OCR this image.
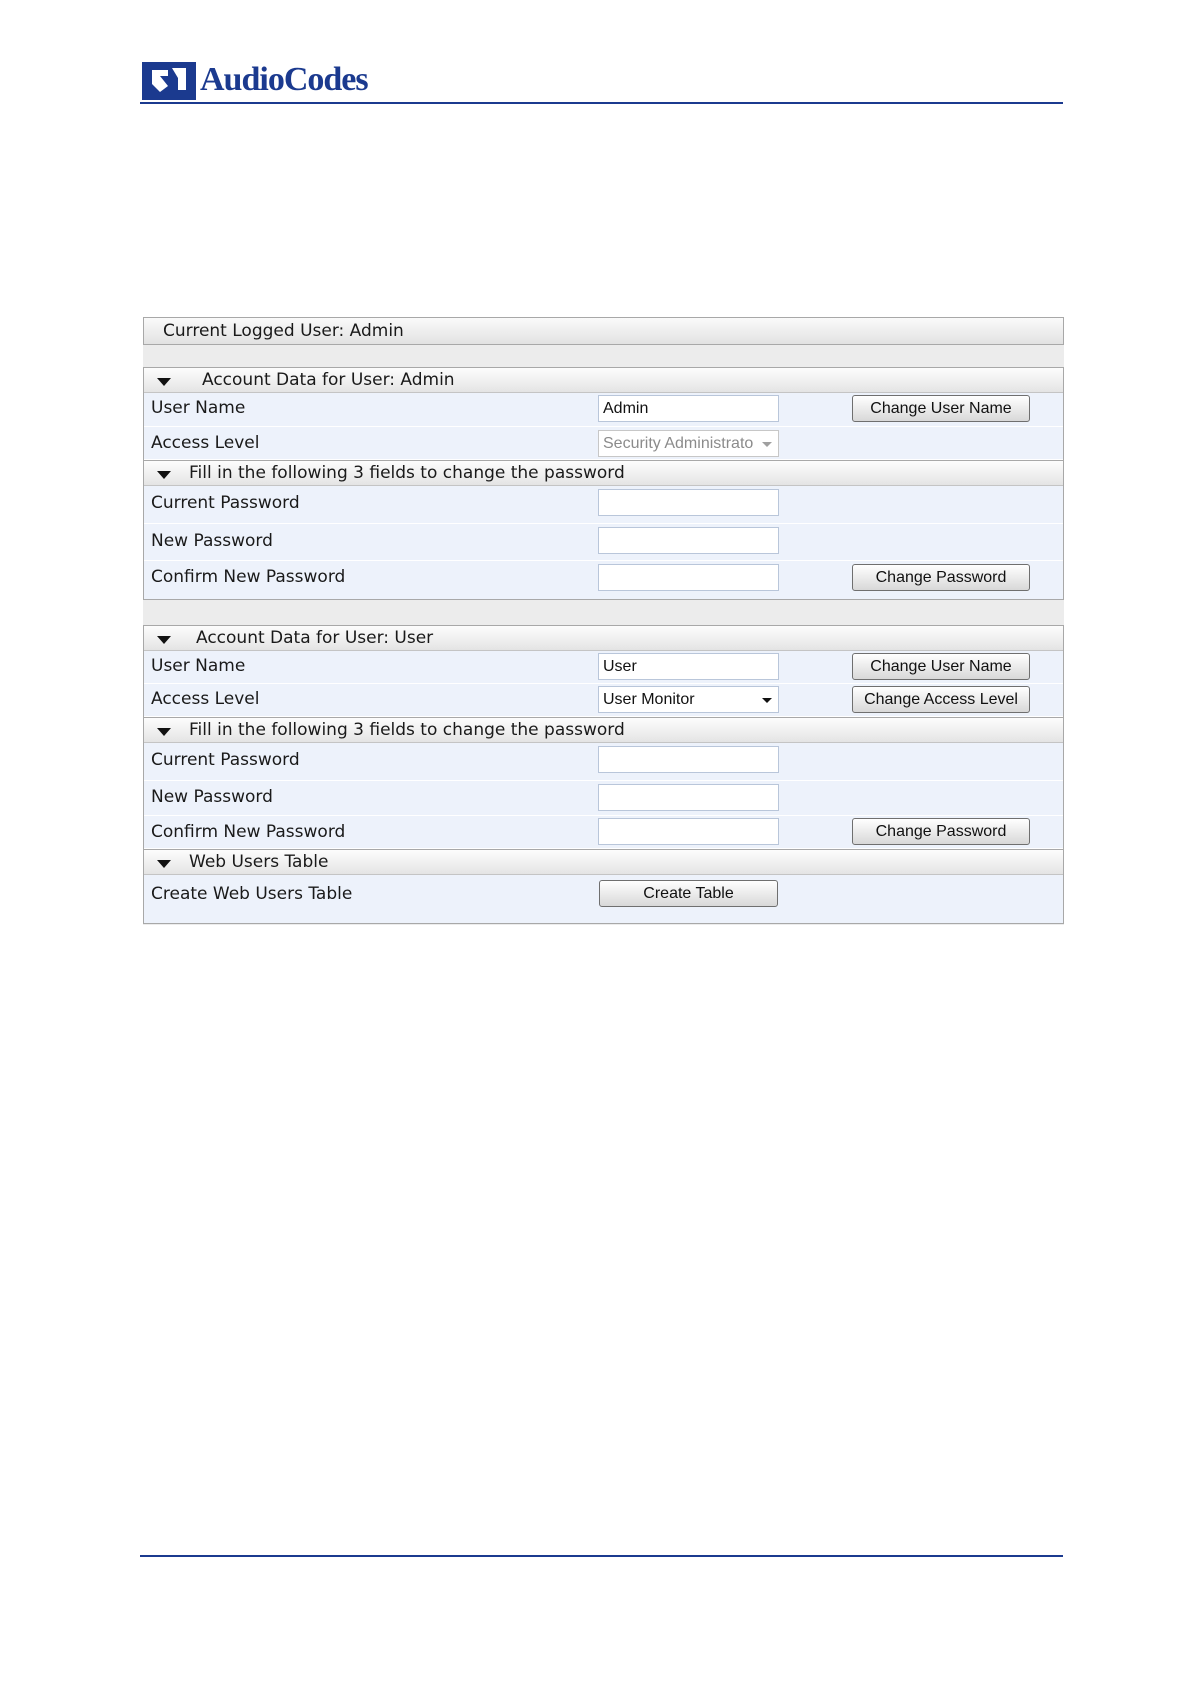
AudioCodes
Current Logged User: Admin
Account Data for User: Admin
User Name	Admin	Change User Name
Access Level	Security Administrato
Fill in the following 3 fields to change the password
Current Password
New Password
Confirm New Password	Change Password
Account Data for User: User
User Name	User	Change User Name
Access Level	User Monitor	Change Access Level
Fill in the following 3 fields to change the password
Current Password
New Password
Confirm New Password	Change Password
Web Users Table
Create Web Users Table	Create Table
